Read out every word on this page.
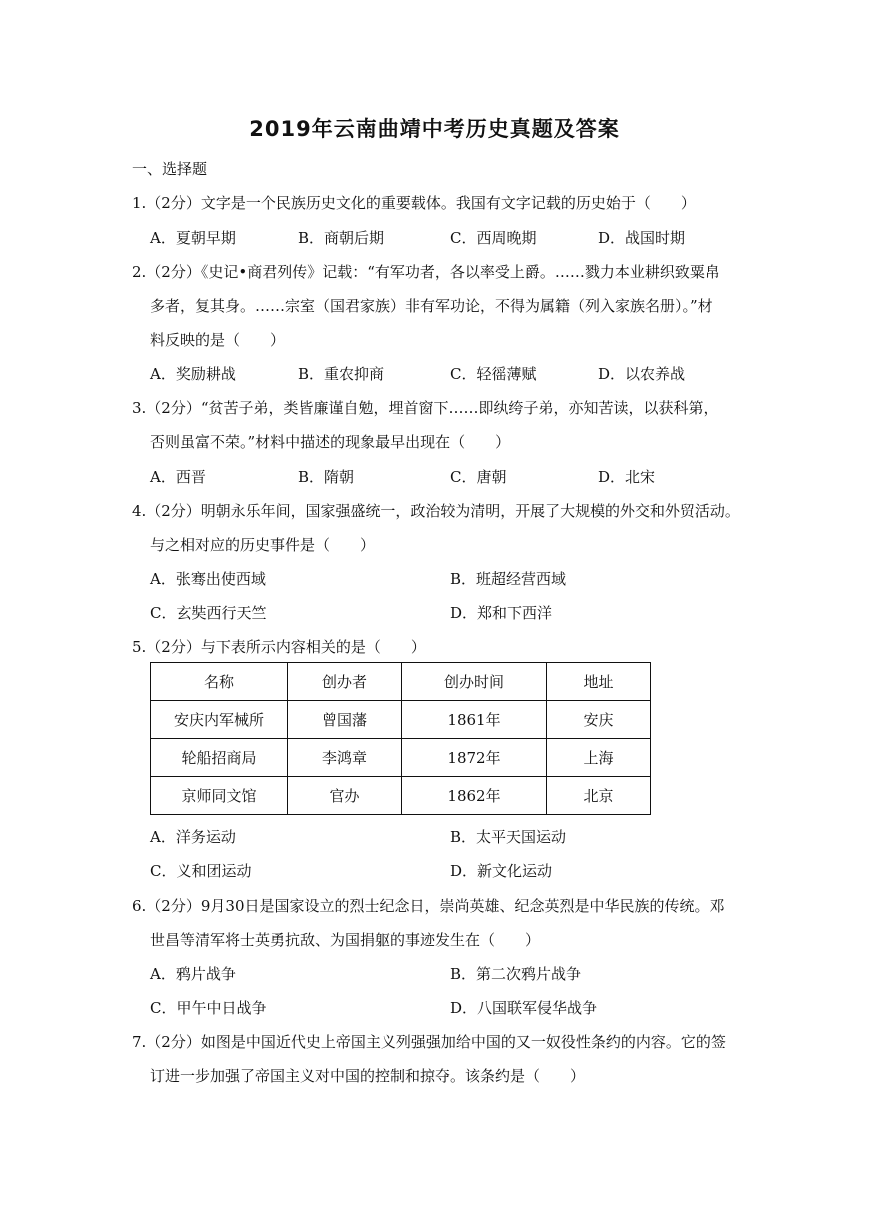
2019年云南曲靖中考历史真题及答案
一、选择题
1.（2分）文字是一个民族历史文化的重要载体。我国有文字记载的历史始于（　　）
A．夏朝早期	B．商朝后期	C．西周晚期	D．战国时期
2.（2分）《史记•商君列传》记载：“有军功者，各以率受上爵。……戮力本业耕织致粟帛
多者，复其身。……宗室（国君家族）非有军功论，不得为属籍（列入家族名册）。”材
料反映的是（　　）
A．奖励耕战	B．重农抑商	C．轻徭薄赋	D．以农养战
3.（2分）“贫苦子弟，类皆廉谨自勉，埋首窗下……即纨绔子弟，亦知苦读，以获科第，
否则虽富不荣。”材料中描述的现象最早出现在（　　）
A．西晋	B．隋朝	C．唐朝	D．北宋
4.（2分）明朝永乐年间，国家强盛统一，政治较为清明，开展了大规模的外交和外贸活动。
与之相对应的历史事件是（　　）
A．张骞出使西域	B．班超经营西域
C．玄奘西行天竺	D．郑和下西洋
5.（2分）与下表所示内容相关的是（　　）
名称	创办者	创办时间	地址
安庆内军械所	曾国藩	1861年	安庆
轮船招商局	李鸿章	1872年	上海
京师同文馆	官办	1862年	北京
A．洋务运动	B．太平天国运动
C．义和团运动	D．新文化运动
6.（2分）9月30日是国家设立的烈士纪念日，崇尚英雄、纪念英烈是中华民族的传统。邓
世昌等清军将士英勇抗敌、为国捐躯的事迹发生在（　　）
A．鸦片战争	B．第二次鸦片战争
C．甲午中日战争	D．八国联军侵华战争
7.（2分）如图是中国近代史上帝国主义列强强加给中国的又一奴役性条约的内容。它的签
订进一步加强了帝国主义对中国的控制和掠夺。该条约是（　　）
